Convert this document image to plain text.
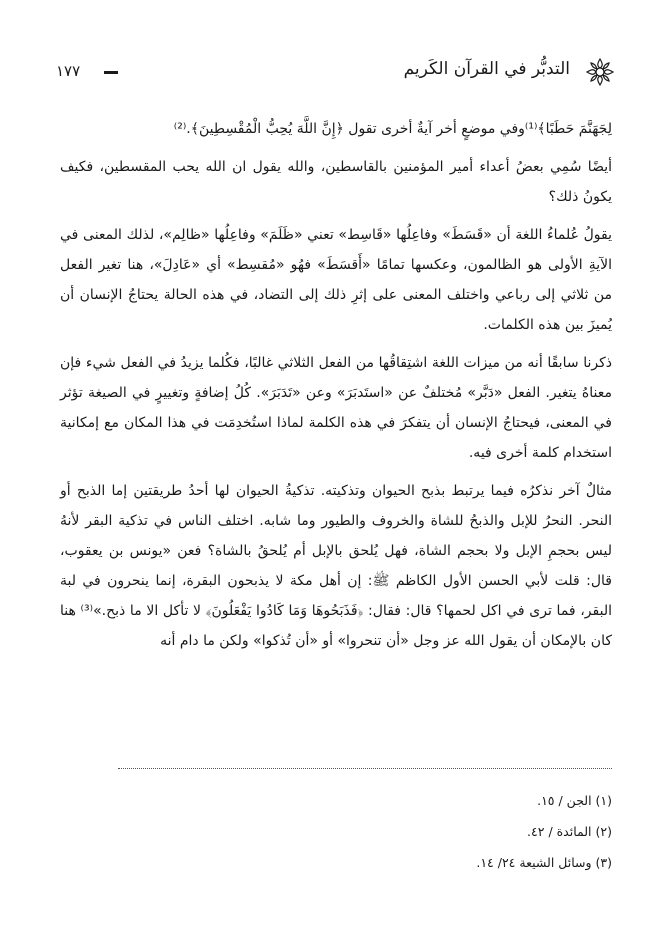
التدبُّر في القرآن الكَريم
١٧٧

لِجَهَنَّمَ حَطَبًا﴾⁽¹⁾وفي موضعٍ أخر آيةٌ أخرى تقول ﴿إِنَّ اللَّهَ يُحِبُّ الْمُقْسِطِينَ﴾.⁽²⁾

أيضًا سُمِي بعضُ أعداء أمير المؤمنين بالقاسطين، والله يقول ان الله يحب المقسطين، فكيف يكونُ ذلك؟

يقولُ عُلماءُ اللغة أن «قَسَطَ» وفاعِلُها «قَاسِط» تعني «ظَلَمَ» وفاعِلُها «ظالِم»، لذلك المعنى في الآيةِ الأولى هو الظالمون، وعكسها تمامًا «أَقسَطَ» فهُو «مُقسِط» أي «عَادِلَ»، هنا تغير الفعل من ثلاثي إلى رباعي واختلف المعنى على إثرِ ذلك إلى التضاد، في هذه الحالة يحتاجُ الإنسان أن يُميزَ بين هذه الكلمات.

ذكرنا سابقًا أنه من ميزات اللغة اشتِقاقُها من الفعل الثلاثي غالبًا، فكُلما يزيدُ في الفعل شيء فإن معناهُ يتغير. الفعل «دَبَّر» مُختلفٌ عن «استَدبَرَ» وعن «تَدَبَرَ». كُلُ إضافةٍ وتغييرٍ في الصيغة تؤثر في المعنى، فيحتاجُ الإنسان أن يتفكرَ في هذه الكلمة لماذا استُخدِمَت في هذا المكان مع إمكانية استخدام كلمة أخرى فيه.

مثالٌ آخر نذكرُه فيما يرتبط بذبح الحيوان وتذكيته. تذكيةُ الحيوان لها أحدُ طريقتين إما الذبح أو النحر. النحرُ للإبل والذبحُ للشاة والخروف والطيور وما شابه. اختلف الناس في تذكية البقر لأنهُ ليس بحجمِ الإبل ولا بحجم الشاة، فهل يُلحق بالإبل أم يُلحقُ بالشاة؟ فعن «يونس بن يعقوب، قال: قلت لأبي الحسن الأول الكاظم ﷺ: إن أهل مكة لا يذبحون البقرة، إنما ينحرون في لبة البقر، فما ترى في اكل لحمها؟ قال: فقال: ﴿فَذَبَحُوهَا وَمَا كَادُوا يَفْعَلُونَ﴾ لا تأكل الا ما ذبح.»⁽³⁾ هنا كان بالإمكان أن يقول الله عز وجل «أن تنحروا» أو «أن تُذكوا» ولكن ما دام أنه

(١) الجن / ١٥.
(٢) المائدة / ٤٢.
(٣) وسائل الشيعة ٢٤/ ١٤.
